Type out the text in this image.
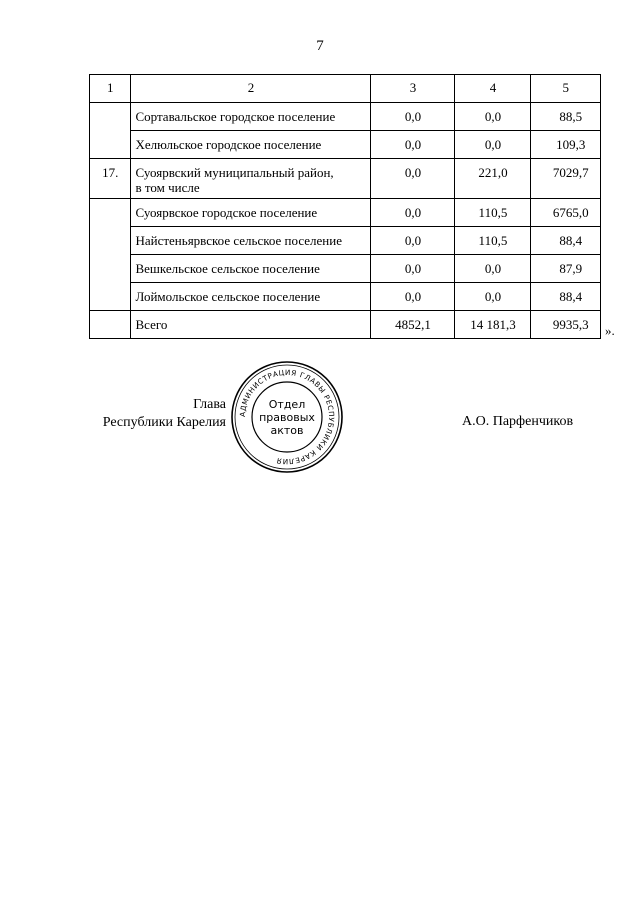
7
1	2	3	4	5

	Сортавальское городское поселение	0,0	0,0	88,5

	Хелюльское городское поселение	0,0	0,0	109,3

17.	Суоярвский муниципальный район,
в том числе	0,0	221,0	7029,7

	Суоярвское городское поселение	0,0	110,5	6765,0

	Найстеньярвское сельское поселение	0,0	110,5	88,4

	Вешкельское сельское поселение	0,0	0,0	87,9

	Лоймольское сельское поселение	0,0	0,0	88,4

	Всего	4852,1	14 181,3	9935,3	».
Глава
Республики Карелия	А.О. Парфенчиков
АДМИНИСТРАЦИЯ ГЛАВЫ РЕСПУБЛИКИ КАРЕЛИЯ
Отдел
правовых
актов
